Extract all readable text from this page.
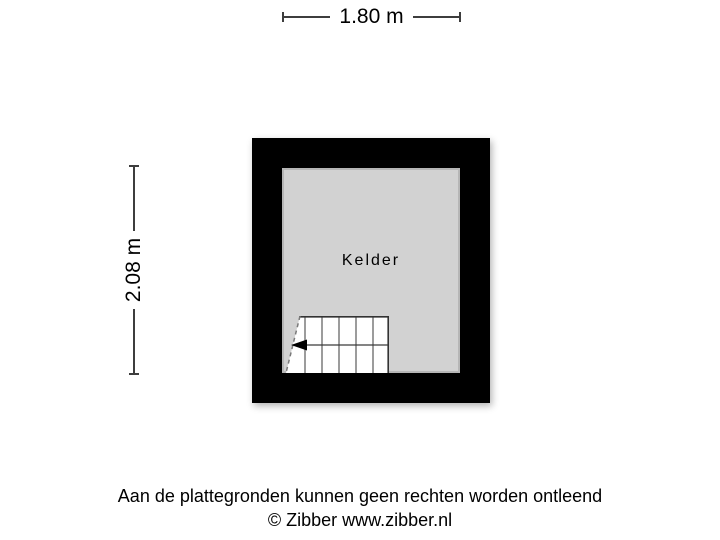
1.80 m
2.08 m	Kelder
Aan de plattegronden kunnen geen rechten worden ontleend
© Zibber www.zibber.nl
